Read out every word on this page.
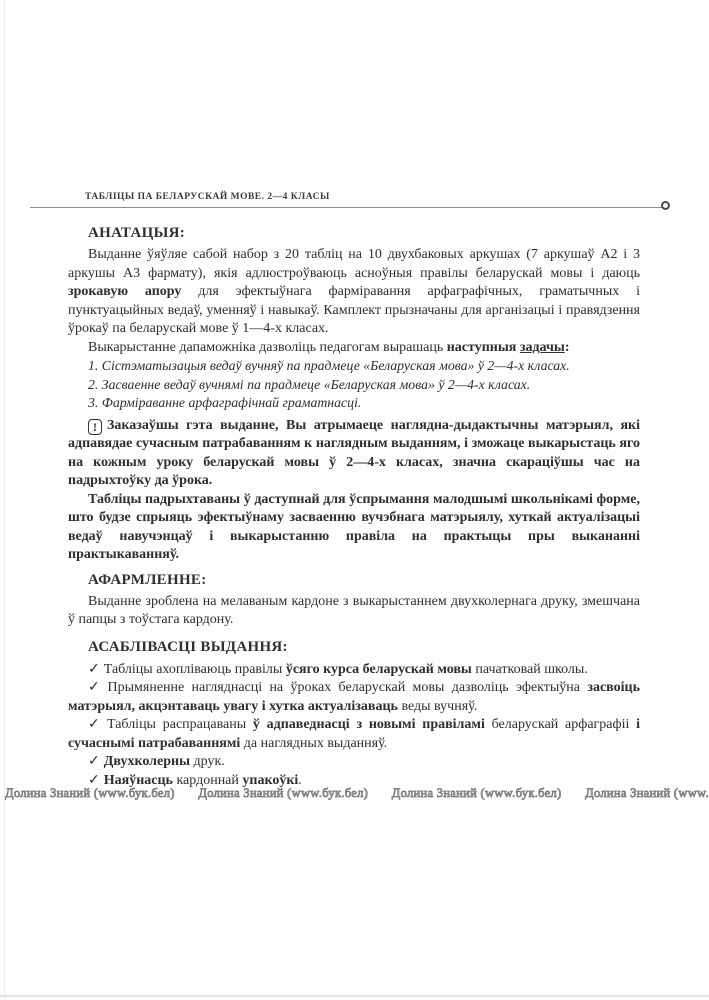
ТАБЛІЦЫ ПА БЕЛАРУСКАЙ МОВЕ. 2—4 КЛАСЫ
АНАТАЦЫЯ:

Выданне ўяўляе сабой набор з 20 табліц на 10 двухбаковых аркушах (7 аркушаў А2 і 3 аркушы А3 фармату), якія адлюстроўваюць асноўныя правілы беларускай мовы і даюць зрокавую апору для эфектыўнага фарміравання арфаграфічных, граматычных і пунктуацыйных ведаў, уменняў і навыкаў. Камплект прызначаны для арганізацыі і правядзення ўрокаў па беларускай мове ў 1—4-х класах.

Выкарыстанне дапаможніка дазволіць педагогам вырашаць наступныя задачы:

1. Сістэматызацыя ведаў вучняў па прадмеце «Беларуская мова» ў 2—4-х класах.

2. Засваенне ведаў вучнямі па прадмеце «Беларуская мова» ў 2—4-х класах.

3. Фарміраванне арфаграфічнай граматнасці.

! Заказаўшы гэта выданне, Вы атрымаеце наглядна-дыдактычны матэрыял, які адпавядае сучасным патрабаванням к наглядным выданням, і зможаце выкарыстаць яго на кожным уроку беларускай мовы ў 2—4-х класах, значна скараціўшы час на падрыхтоўку да ўрока.

Табліцы падрыхтаваны ў даступнай для ўспрымання малодшымі школьнікамі форме, што будзе спрыяць эфектыўнаму засваенню вучэбнага матэрыялу, хуткай актуалізацыі ведаў навучэнцаў і выкарыстанню правіла на практыцы пры выкананні практыкаванняў.

АФАРМЛЕННЕ:

Выданне зроблена на мелаваным кардоне з выкарыстаннем двухколернага друку, змешчана ў папцы з тоўстага кардону.

АСАБЛІВАСЦІ ВЫДАННЯ:

✓ Табліцы ахопліваюць правілы ўсяго курса беларускай мовы пачатковай школы.

✓ Прымяненне нагляднасці на ўроках беларускай мовы дазволіць эфектыўна засвоіць матэрыял, акцэнтаваць увагу і хутка актуалізаваць веды вучняў.

✓ Табліцы распрацаваны ў адпаведнасці з новымі правіламі беларускай арфаграфіі і сучаснымі патрабаваннямі да наглядных выданняў.

✓ Двухколерны друк.

✓ Наяўнасць кардоннай упакоўкі.

Долина Знаний (www.бук.бел) Долина Знаний (www.бук.бел) Долина Знаний (www.бук.бел) Долина Знаний (www.
